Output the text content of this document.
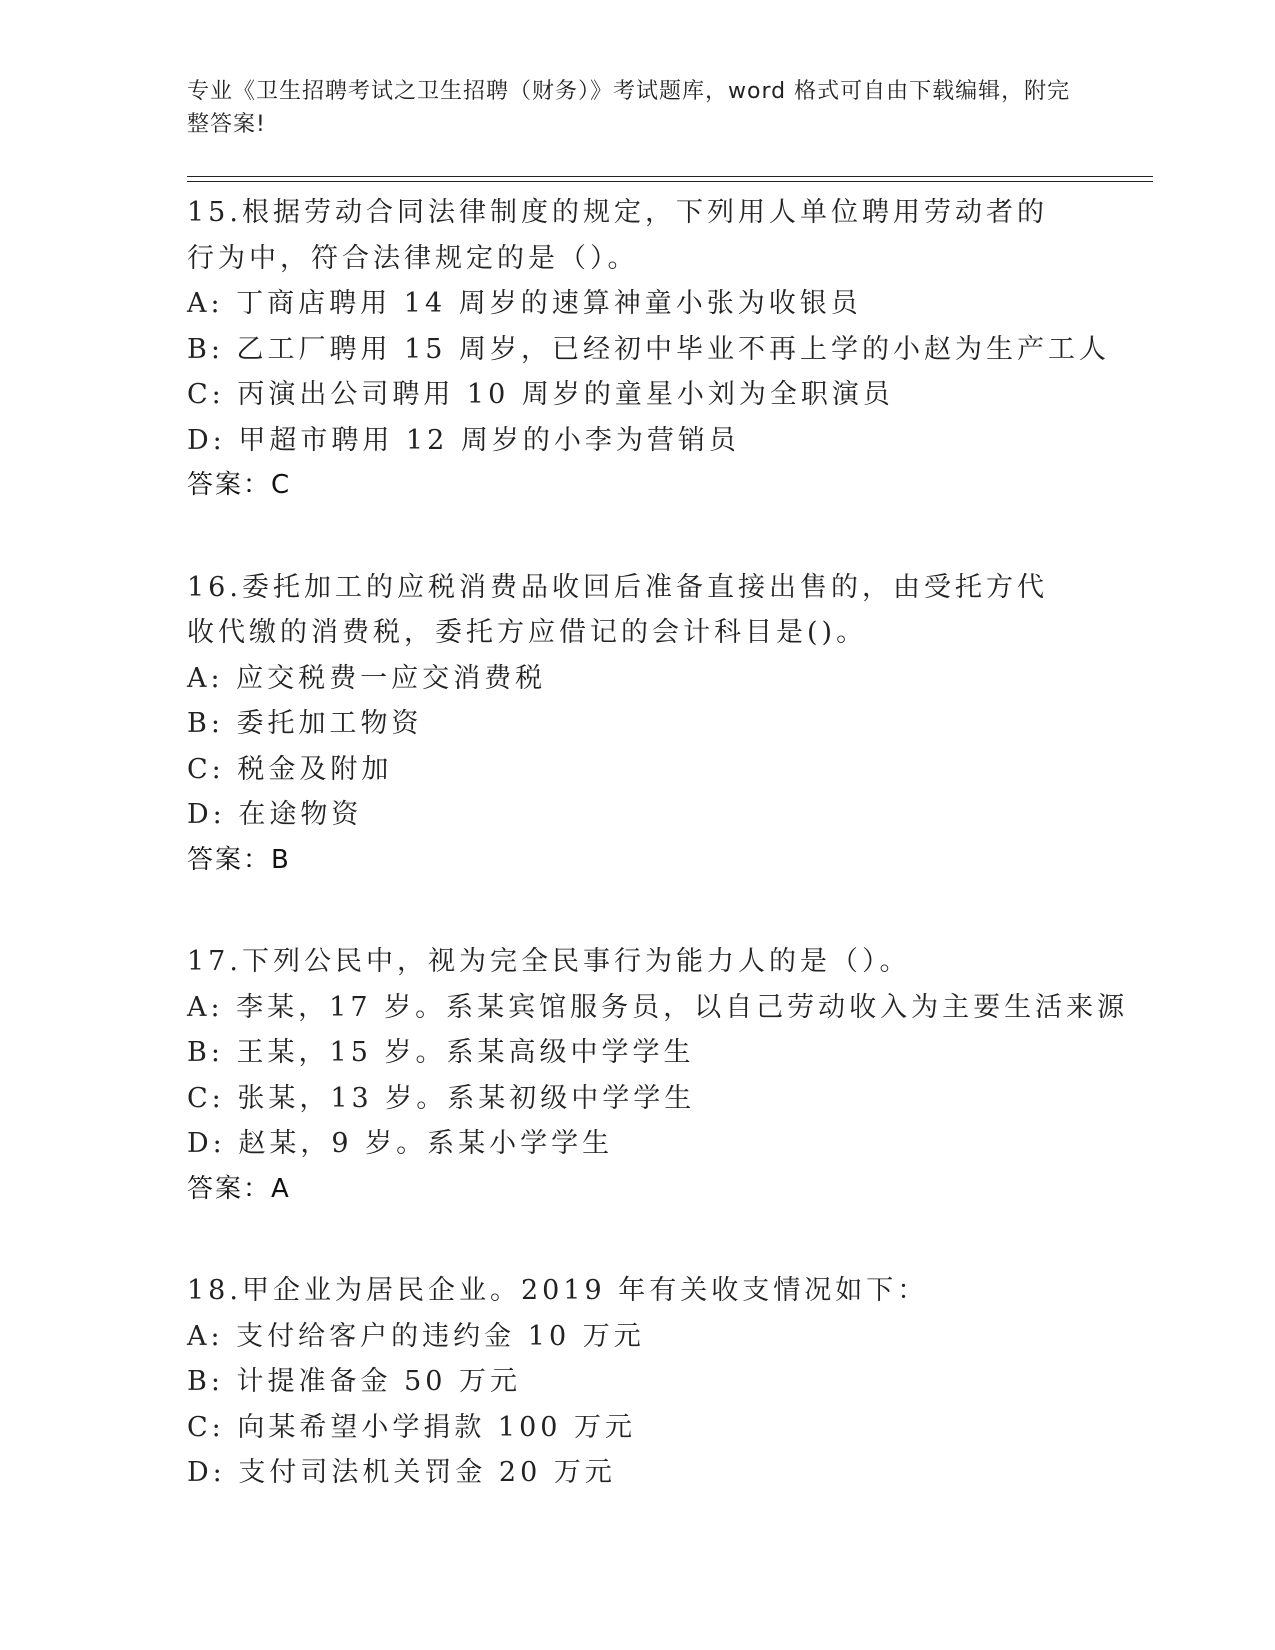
专业《卫生招聘考试之卫生招聘（财务）》考试题库，word 格式可自由下载编辑，附完整答案!
15.根据劳动合同法律制度的规定，下列用人单位聘用劳动者的行为中，符合法律规定的是（）。
A: 丁商店聘用 14 周岁的速算神童小张为收银员
B: 乙工厂聘用 15 周岁，已经初中毕业不再上学的小赵为生产工人
C: 丙演出公司聘用 10 周岁的童星小刘为全职演员
D: 甲超市聘用 12 周岁的小李为营销员
答案：C
16.委托加工的应税消费品收回后准备直接出售的，由受托方代收代缴的消费税，委托方应借记的会计科目是()。
A: 应交税费一应交消费税
B: 委托加工物资
C: 税金及附加
D: 在途物资
答案：B
17.下列公民中，视为完全民事行为能力人的是（）。
A: 李某，17 岁。系某宾馆服务员，以自己劳动收入为主要生活来源
B: 王某，15 岁。系某高级中学学生
C: 张某，13 岁。系某初级中学学生
D: 赵某，9 岁。系某小学学生
答案：A
18.甲企业为居民企业。2019 年有关收支情况如下：
A: 支付给客户的违约金 10 万元
B: 计提准备金 50 万元
C: 向某希望小学捐款 100 万元
D: 支付司法机关罚金 20 万元
